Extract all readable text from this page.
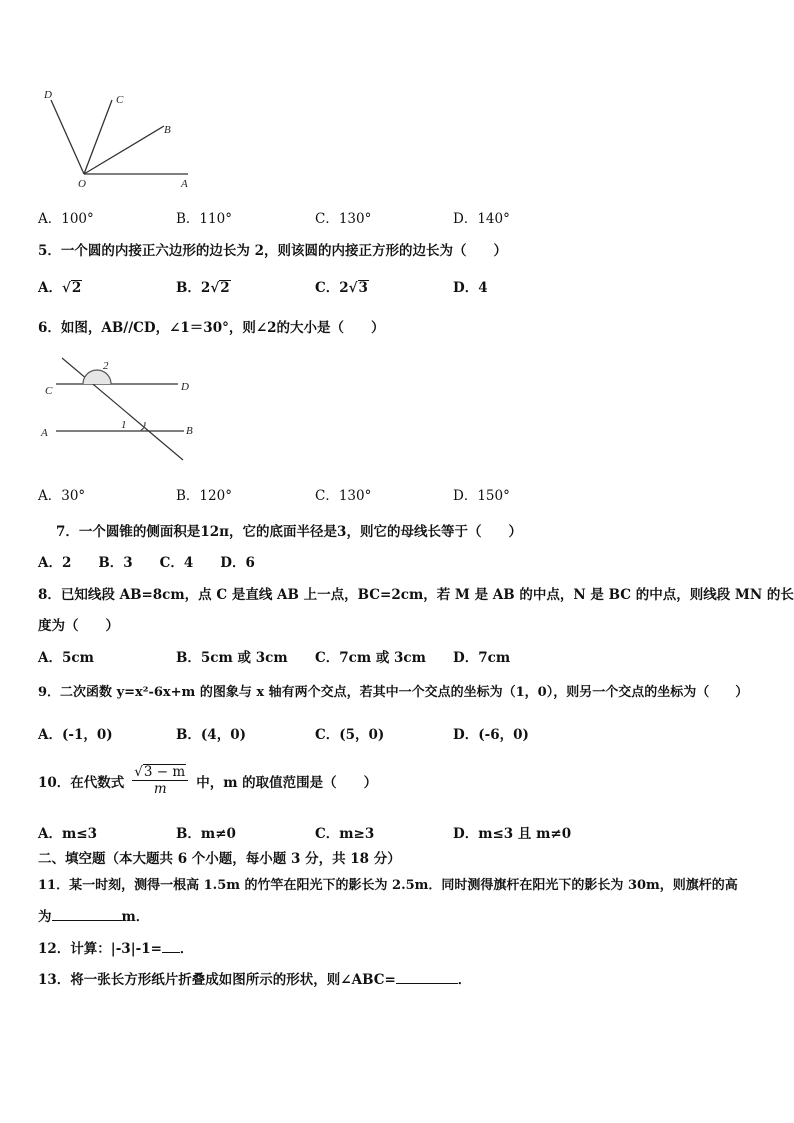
D	C
B
O	A
A．100°	B．110°	C．130°	D．140°
5．一个圆的内接正六边形的边长为 2，则该圆的内接正方形的边长为（　　）
A．√2	B．2√2	C．2√3	D．4
6．如图，AB//CD，∠1＝30°，则∠2的大小是（　　）
2
C	D
A
1	B
A．30°	B．120°	C．130°	D．150°
7．一个圆锥的侧面积是12π，它的底面半径是3，则它的母线长等于（　　）
A．2　　B．3　　C．4　　D．6
8．已知线段 AB=8cm，点 C 是直线 AB 上一点，BC=2cm，若 M 是 AB 的中点，N 是 BC 的中点，则线段 MN 的长
度为（　　）
A．5cm	B．5cm 或 3cm C．7cm 或 3cm D．7cm
9．二次函数 y=x²-6x+m 的图象与 x 轴有两个交点，若其中一个交点的坐标为（1，0），则另一个交点的坐标为（　　）
A．(-1，0)	B．(4，0)	C．(5，0)	D．(-6，0)
10．在代数式 $\frac{√3 - m}{m}$ 中，m 的取值范围是（　　）
A．m≤3	B．m≠0	C．m≥3	D．m≤3 且 m≠0
二、填空题（本大题共 6 个小题，每小题 3 分，共 18 分）
11．某一时刻，测得一根高 1.5m 的竹竿在阳光下的影长为 2.5m．同时测得旗杆在阳光下的影长为 30m，则旗杆的高
为	m．
12．计算：|-3|-1= ．
13．将一张长方形纸片折叠成如图所示的形状，则∠ABC=	．
